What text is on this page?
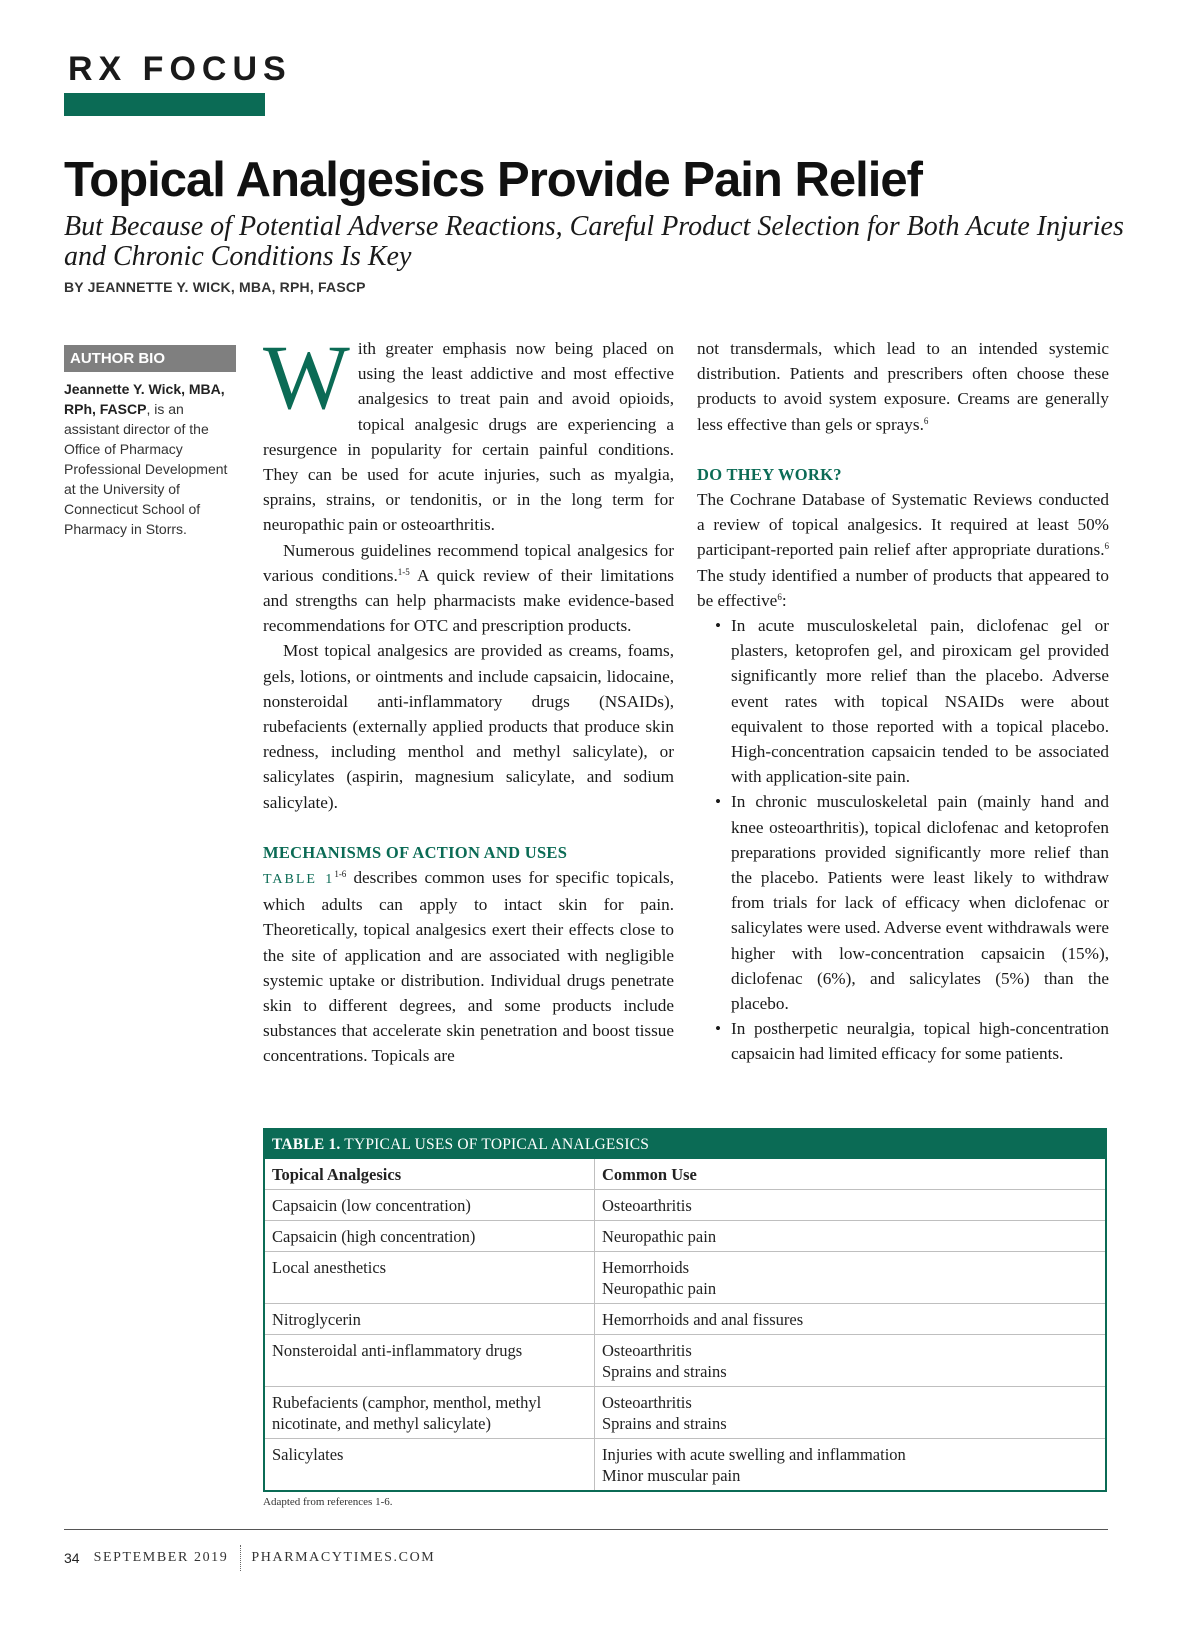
RX FOCUS
Topical Analgesics Provide Pain Relief
But Because of Potential Adverse Reactions, Careful Product Selection for Both Acute Injuries and Chronic Conditions Is Key
BY JEANNETTE Y. WICK, MBA, RPH, FASCP
AUTHOR BIO
Jeannette Y. Wick, MBA, RPh, FASCP, is an assistant director of the Office of Pharmacy Professional Development at the University of Connecticut School of Pharmacy in Storrs.

With greater emphasis now being placed on using the least addictive and most effective analgesics to treat pain and avoid opioids, topical analgesic drugs are experiencing a resurgence in popularity for certain painful conditions. They can be used for acute injuries, such as myalgia, sprains, strains, or tendonitis, or in the long term for neuropathic pain or osteoarthritis.

Numerous guidelines recommend topical analgesics for various conditions.$^{1-5}$ A quick review of their limitations and strengths can help pharmacists make evidence-based recommendations for OTC and prescription products.

Most topical analgesics are provided as creams, foams, gels, lotions, or ointments and include capsaicin, lidocaine, nonsteroidal anti-inflammatory drugs (NSAIDs), rubefacients (externally applied products that produce skin redness, including menthol and methyl salicylate), or salicylates (aspirin, magnesium salicylate, and sodium salicylate).

MECHANISMS OF ACTION AND USES

TABLE 1$^{1-6}$ describes common uses for specific topicals, which adults can apply to intact skin for pain. Theoretically, topical analgesics exert their effects close to the site of application and are associated with negligible systemic uptake or distribution. Individual drugs penetrate skin to different degrees, and some products include substances that accelerate skin penetration and boost tissue concentrations. Topicals are

not transdermals, which lead to an intended systemic distribution. Patients and prescribers often choose these products to avoid system exposure. Creams are generally less effective than gels or sprays.$^6$

DO THEY WORK?

The Cochrane Database of Systematic Reviews conducted a review of topical analgesics. It required at least 50% participant-reported pain relief after appropriate durations.$^6$ The study identified a number of products that appeared to be effective$^6$:

• In acute musculoskeletal pain, diclofenac gel or plasters, ketoprofen gel, and piroxicam gel provided significantly more relief than the placebo. Adverse event rates with topical NSAIDs were about equivalent to those reported with a topical placebo. High-concentration capsaicin tended to be associated with application-site pain.
• In chronic musculoskeletal pain (mainly hand and knee osteoarthritis), topical diclofenac and ketoprofen preparations provided significantly more relief than the placebo. Patients were least likely to withdraw from trials for lack of efficacy when diclofenac or salicylates were used. Adverse event withdrawals were higher with low-concentration capsaicin (15%), diclofenac (6%), and salicylates (5%) than the placebo.
• In postherpetic neuralgia, topical high-concentration capsaicin had limited efficacy for some patients.
TABLE 1. TYPICAL USES OF TOPICAL ANALGESICS
Topical Analgesics	Common Use

Capsaicin (low concentration)	Osteoarthritis

Capsaicin (high concentration)	Neuropathic pain

Local anesthetics	Hemorrhoids
Neuropathic pain

Nitroglycerin	Hemorrhoids and anal fissures

Nonsteroidal anti-inflammatory drugs	Osteoarthritis
Sprains and strains

Rubefacients (camphor, menthol, methyl
nicotinate, and methyl salicylate)	Osteoarthritis
Sprains and strains

Salicylates	Injuries with acute swelling and inflammation
Minor muscular pain
Adapted from references 1-6.
34 SEPTEMBER 2019 PHARMACYTIMES.COM
